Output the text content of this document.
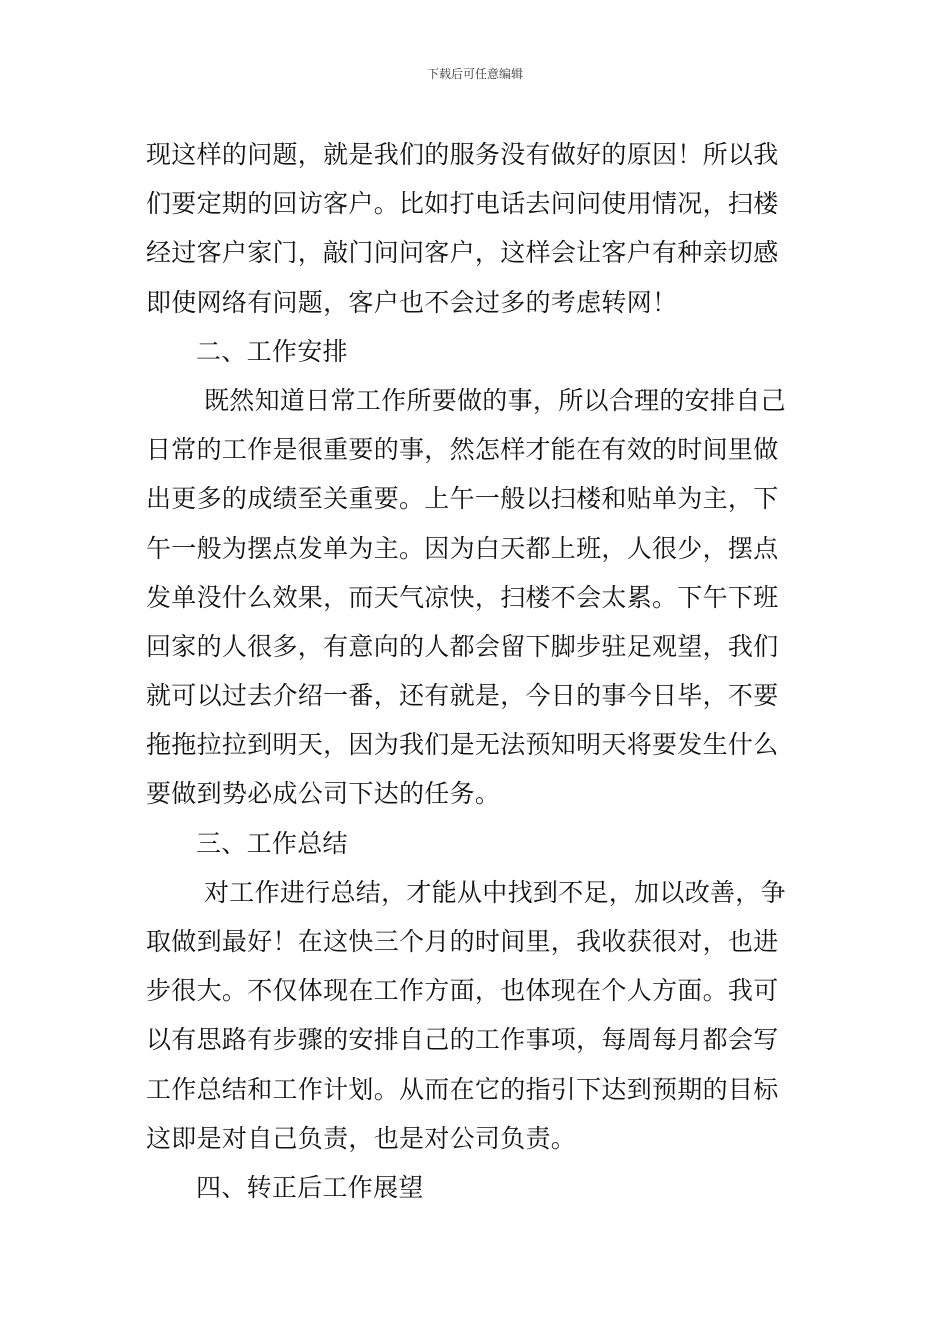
下载后可任意编辑
现这样的问题，就是我们的服务没有做好的原因！所以我
们要定期的回访客户。比如打电话去问问使用情况，扫楼
经过客户家门，敲门问问客户，这样会让客户有种亲切感
即使网络有问题，客户也不会过多的考虑转网！
二、工作安排
既然知道日常工作所要做的事，所以合理的安排自己
日常的工作是很重要的事，然怎样才能在有效的时间里做
出更多的成绩至关重要。上午一般以扫楼和贴单为主，下
午一般为摆点发单为主。因为白天都上班，人很少，摆点
发单没什么效果，而天气凉快，扫楼不会太累。下午下班
回家的人很多，有意向的人都会留下脚步驻足观望，我们
就可以过去介绍一番，还有就是，今日的事今日毕，不要
拖拖拉拉到明天，因为我们是无法预知明天将要发生什么
要做到势必成公司下达的任务。
三、工作总结
对工作进行总结，才能从中找到不足，加以改善，争
取做到最好！在这快三个月的时间里，我收获很对，也进
步很大。不仅体现在工作方面，也体现在个人方面。我可
以有思路有步骤的安排自己的工作事项，每周每月都会写
工作总结和工作计划。从而在它的指引下达到预期的目标
这即是对自己负责，也是对公司负责。
四、转正后工作展望
